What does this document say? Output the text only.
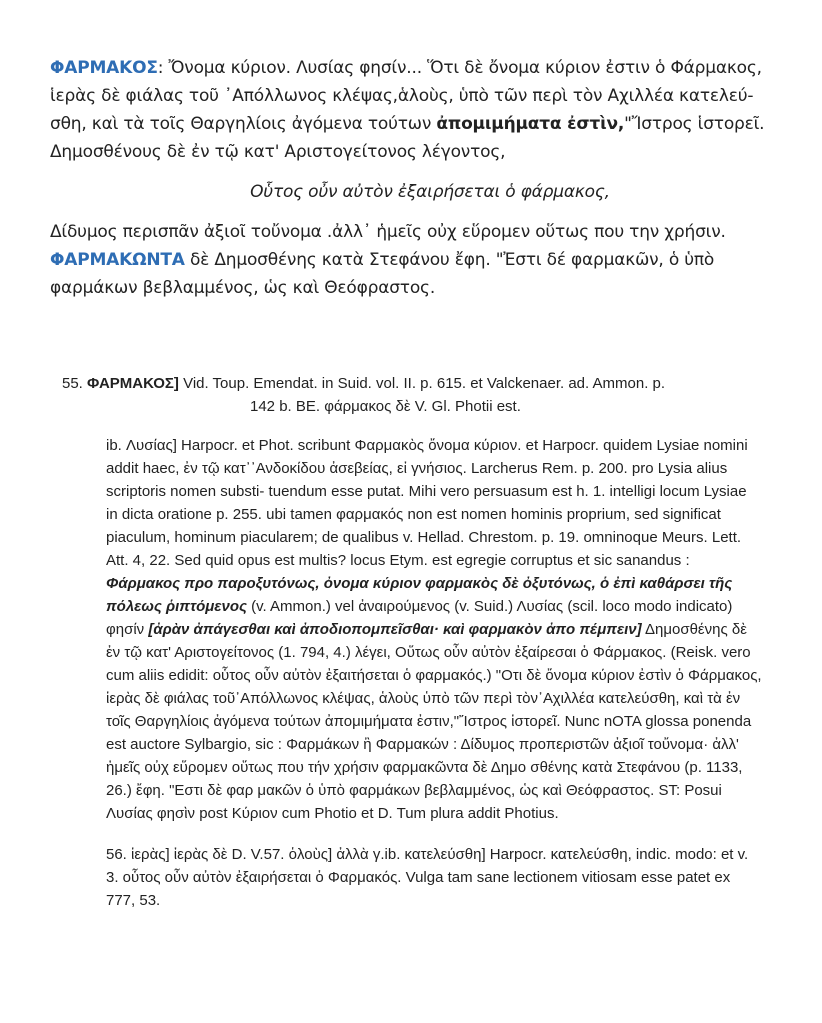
ΦΑΡΜΑΚΟΣ: Ὄνομα κύριον. Λυσίας φησίν... Ὅτι δὲ ὄνομα κύριον ἐστιν ὁ Φάρμακος, ἱερὰς δὲ φιάλας τοῦ ᾿Απόλλωνος κλέψας,ἁλοὺς, ὑπὸ τῶν περὶ τὸν Αχιλλέα κατελεύ-σθη, καὶ τὰ τοῖς Θαργηλίοις ἀγόμενα τούτων ἀπομιμήματα ἐστὶν,"Ἴστρος ἱστορεῖ. Δημοσθένους δὲ ἐν τῷ κατ' Αριστογείτονος λέγοντος,

Οὗτος οὖν αὐτὸν ἐξαιρήσεται ὁ φάρμακος,

Δίδυμος περισπᾶν ἀξιοῖ τοὔνομα .ἀλλ᾽ ἡμεῖς οὐχ εὕρομεν οὕτως που την χρήσιν.

ΦΑΡΜΑΚΩΝΤΑ δὲ Δημοσθένης κατὰ Στεφάνου ἔφη. "Ἐστι δέ φαρμακῶν, ὁ ὑπὸ φαρμάκων βεβλαμμένος, ὡς καὶ Θεόφραστος.

55. ΦΑΡΜΑΚΟΣ] Vid. Toup. Emendat. in Suid. vol. II. p. 615. et Valckenaer. ad. Ammon. p.
142 b. BE. φάρμακος δὲ V. Gl. Photii est.

ib. Λυσίας] Harpocr. et Phot. scribunt Φαρμακὸς ὄνομα κύριον. et Harpocr. quidem Lysiae nomini addit haec, ἐν τῷ κατ᾽᾿Ανδοκίδου ἀσεβείας, εἰ γνήσιος. Larcherus Rem. p. 200. pro Lysia alius scriptoris nomen substi- tuendum esse putat. Mihi vero persuasum est h. 1. intelligi locum Lysiae in dicta oratione p. 255. ubi tamen φαρμακός non est nomen hominis proprium, sed significat piaculum, hominum piacularem; de qualibus v. Hellad. Chrestom. p. 19. omninoque Meurs. Lett. Att. 4, 22. Sed quid opus est multis? locus Etym. est egregie corruptus et sic sanandus : Φάρμακος προ παροξυτόνως, ὀνομα κύριον φαρμακὸς δὲ ὀξυτόνως, ὁ ἐπὶ καθάρσει τῆς πόλεως ῥιπτόμενος (v. Ammon.) vel ἀναιρούμενος (v. Suid.) Λυσίας (scil. loco modo indicato) φησίν [ἀρὰν ἀπάγεσθαι καὶ ἀποδιοπομπεῖσθαι· καὶ φαρμακὸν ἀπο πέμπειν] Δημοσθένης δὲ ἐν τῷ κατ' Αριστογείτονος (1. 794, 4.) λέγει, Οὕτως οὖν αὐτὸν ἐξαίρεσαι ὁ Φάρμακος. (Reisk. vero cum aliis edidit: οὗτος οὖν αὐτὸν ἐξαιτήσεται ὁ φαρμακός.) "Oτι δὲ ὄνομα κύριον ἐστὶν ὁ Φάρμακος, ἱερὰς δὲ φιάλας τοῦ᾿Απόλλωνος κλέψας, ἁλοὺς ὑπὸ τῶν περὶ τὸν᾿Αχιλλέα κατελεύσθη, καὶ τὰ ἐν τοῖς Θαργηλίοις ἀγόμενα τούτων ἀπομιμήματα ἐστιν,"Ἴστρος ἱστορεῖ. Nunc nOTA glossa ponenda est auctore Sylbargio, sic : Φαρμάκων ἢ Φαρμακών : Δίδυμος προπεριστῶν ἀξιοῖ τοὔνομα· ἀλλ' ἡμεῖς οὐχ εὕρομεν οὕτως που τήν χρήσιν φαρμακῶντα δὲ Δημο σθένης κατὰ Στεφάνου (p. 1133, 26.) ἔφη. "Eστι δὲ φαρ μακῶν ὁ ὑπὸ φαρμάκων βεβλαμμένος, ὡς καὶ Θεόφραστος. ST: Posui Λυσίας φησὶν post Κύριον cum Photio et D. Tum plura addit Photius.

56. ἱερὰς] ἱερὰς δὲ D. V.57. ὁλοὺς] ἀλλὰ γ.ib. κατελεύσθη] Harpocr. κατελεύσθη, indic. modo: et v. 3. οὗτος οὖν αὐτὸν ἐξαιρήσεται ὁ Φαρμακός. Vulga tam sane lectionem vitiosam esse patet ex 777, 53.
